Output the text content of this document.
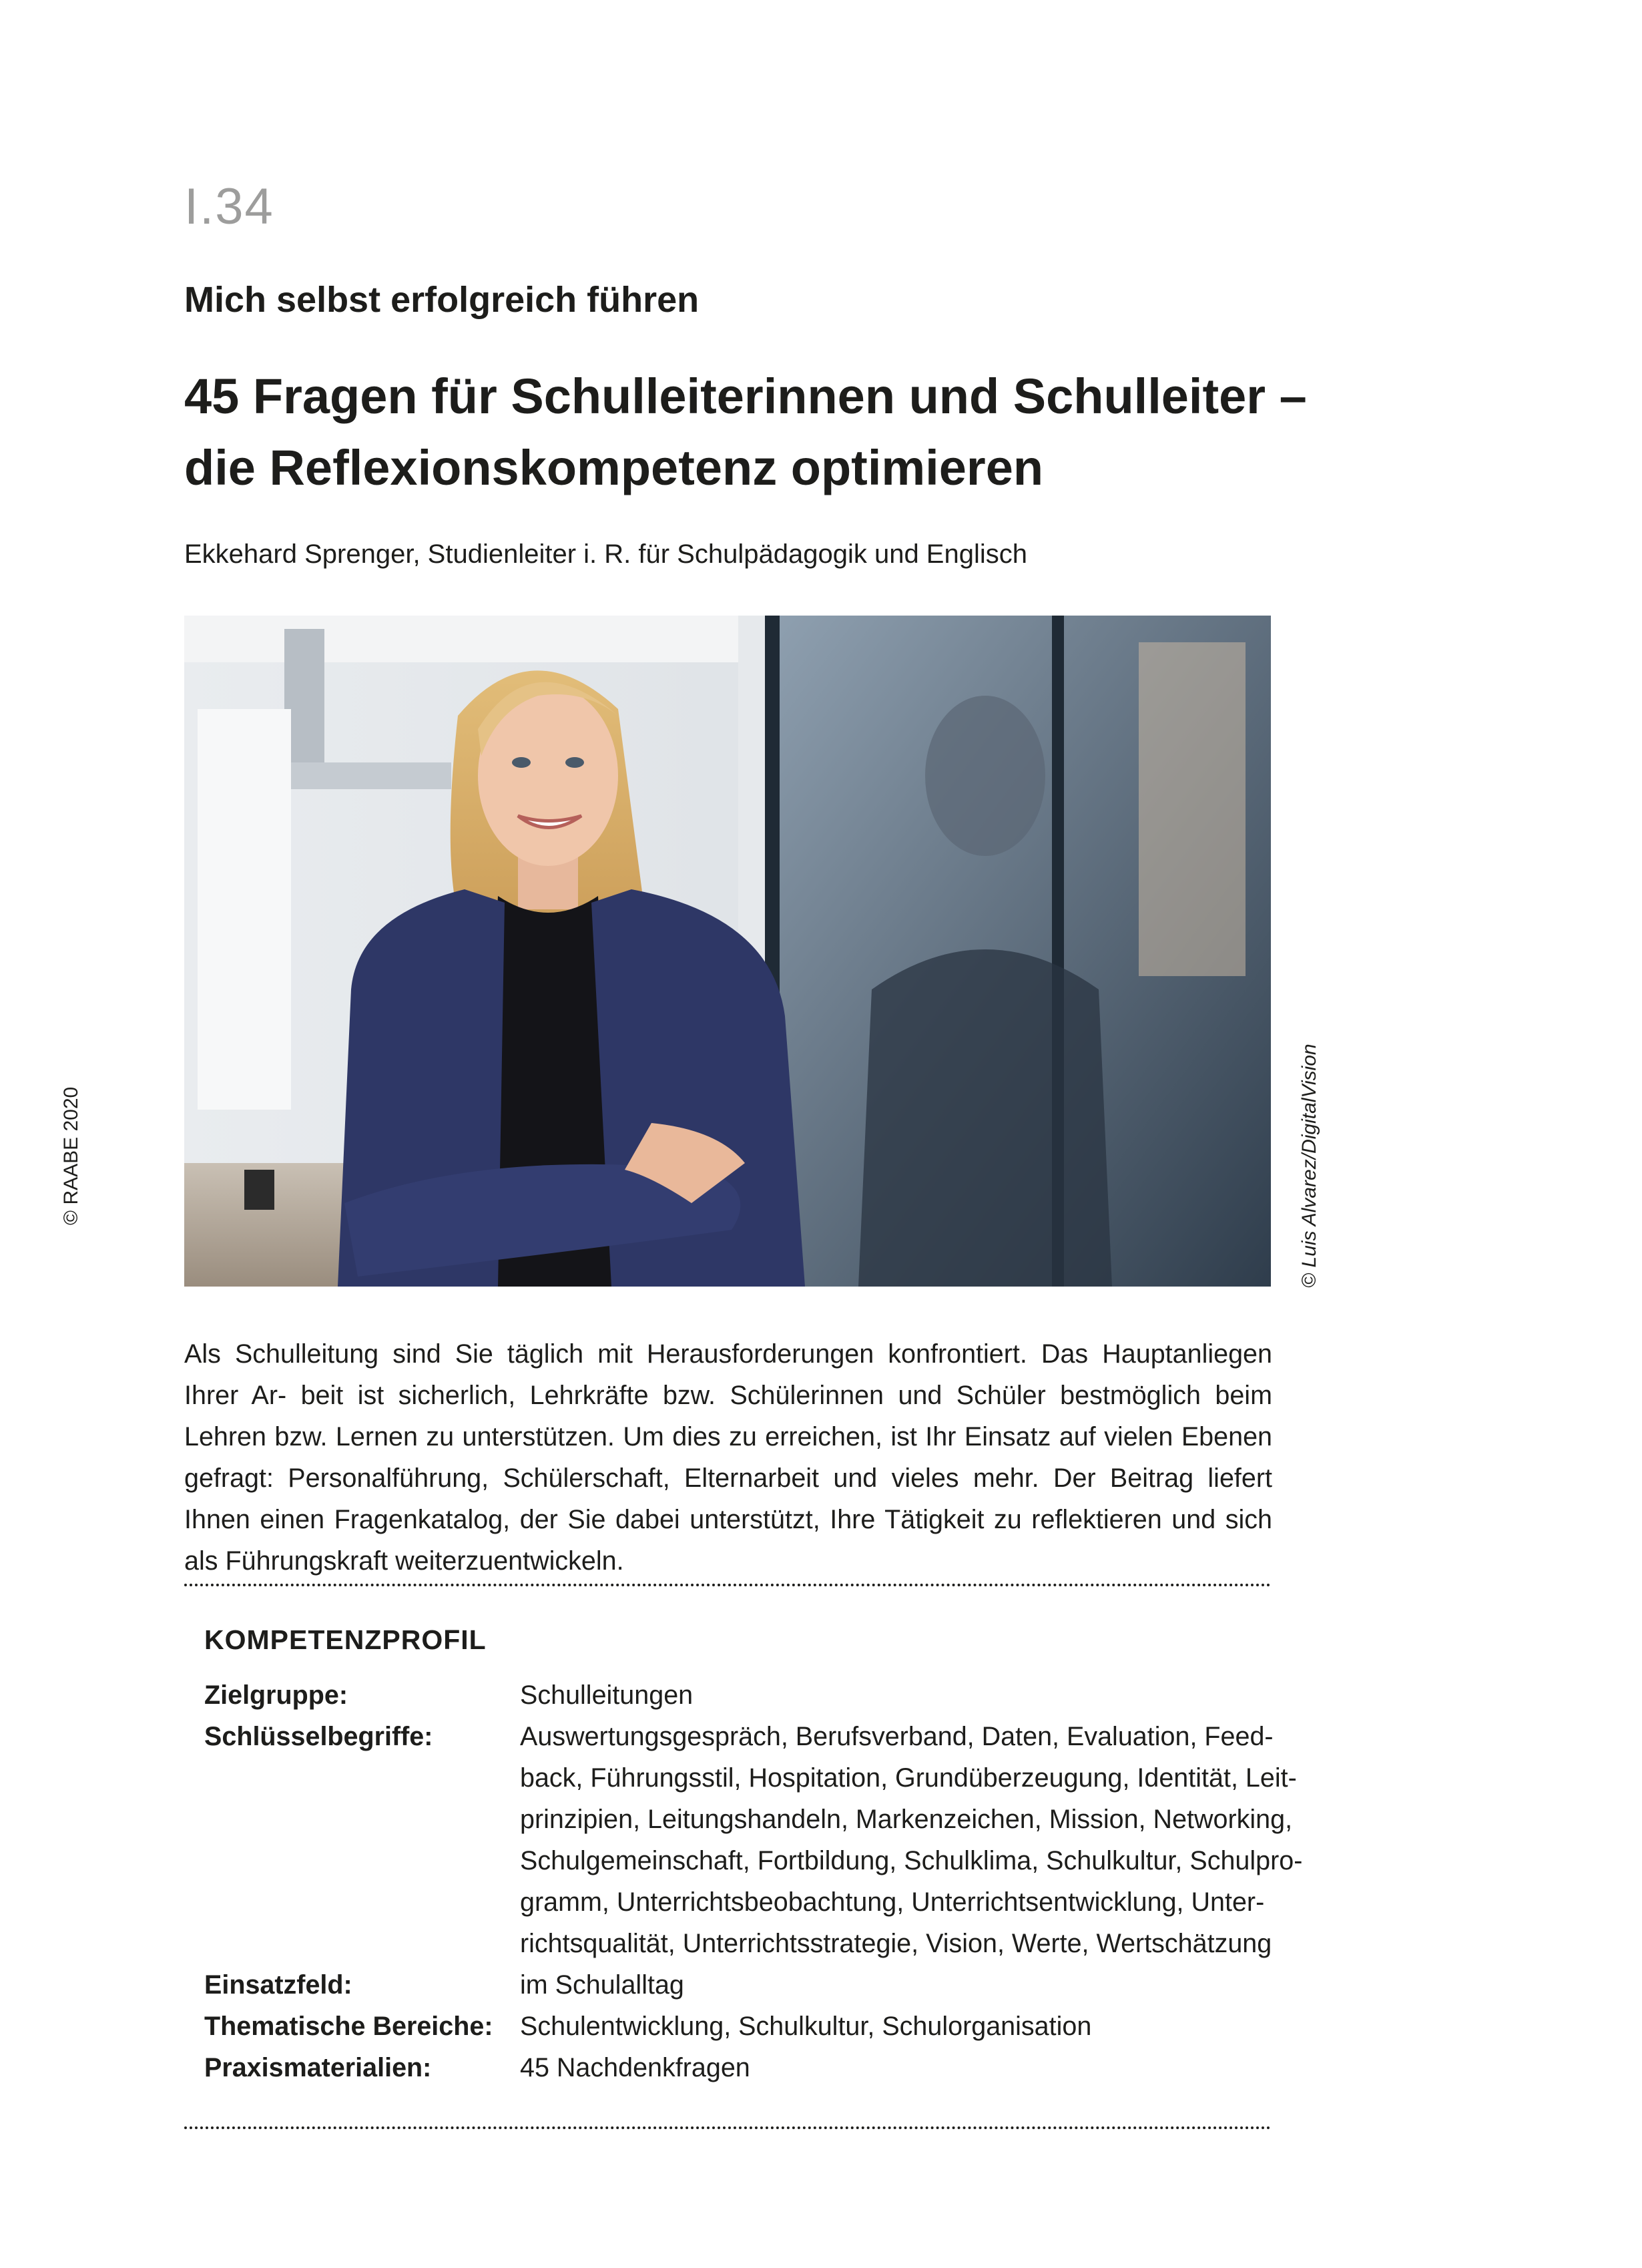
I.34
Mich selbst erfolgreich führen
45 Fragen für Schulleiterinnen und Schulleiter –
die Reflexionskompetenz optimieren
Ekkehard Sprenger, Studienleiter i. R. für Schulpädagogik und Englisch
© Luis Alvarez/DigitalVision
© RAABE 2020
Als Schulleitung sind Sie täglich mit Herausforderungen konfrontiert. Das Hauptanliegen Ihrer Ar- beit ist sicherlich, Lehrkräfte bzw. Schülerinnen und Schüler bestmöglich beim Lehren bzw. Lernen zu unterstützen. Um dies zu erreichen, ist Ihr Einsatz auf vielen Ebenen gefragt: Personalführung, Schülerschaft, Elternarbeit und vieles mehr. Der Beitrag liefert Ihnen einen Fragenkatalog, der Sie dabei unterstützt, Ihre Tätigkeit zu reflektieren und sich als Führungskraft weiterzuentwickeln.
KOMPETENZPROFIL
Zielgruppe:	Schulleitungen
Schlüsselbegriffe:	Auswertungsgespräch, Berufsverband, Daten, Evaluation, Feed-
back, Führungsstil, Hospitation, Grundüberzeugung, Identität, Leit-
prinzipien, Leitungshandeln, Markenzeichen, Mission, Networking,
Schulgemeinschaft, Fortbildung, Schulklima, Schulkultur, Schulpro-
gramm, Unterrichtsbeobachtung, Unterrichtsentwicklung, Unter-
richtsqualität, Unterrichtsstrategie, Vision, Werte, Wertschätzung
Einsatzfeld:	im Schulalltag
Thematische Bereiche: Schulentwicklung, Schulkultur, Schulorganisation
Praxismaterialien:	45 Nachdenkfragen
